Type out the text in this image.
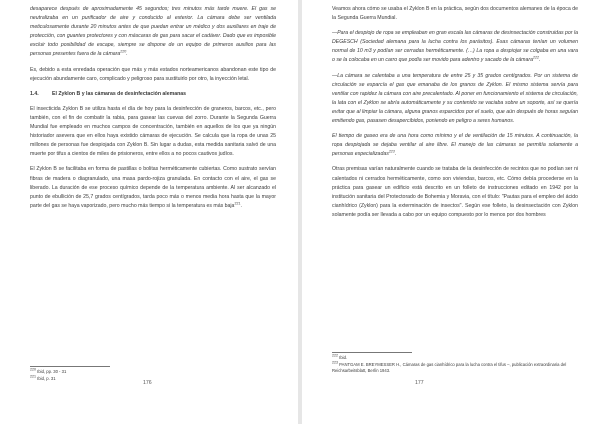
desaparece después de aproximadamente 45 segundos; tres minutos más tarde muere. El gas se neutralizaba en un purificador de aire y conducido al exterior. La cámara debe ser ventilada meticulosamente durante 20 minutos antes de que puedan entrar un médico y dos auxiliares en traje de protección, con guantes protectores y con máscaras de gas para sacar el cadáver. Dado que es imposible excluir todo posibilidad de escape, siempre se dispone de un equipo de primeros auxilios para las personas presentes fuera de la cámara$^{220}$.

Es, debido a esta enredada operación que más y más estados norteamericanos abandonan este tipo de ejecución abundamente caro, complicado y peligroso para sustituirlo por otro, la inyección letal.

1.4.	El Zyklon B y las cámaras de desinfectación alemanas

El insecticida Zyklon B se utiliza hasta el día de hoy para la desinfección de graneros, barcos, etc., pero también, con el fin de combatir la rabia, para gasear las cuevas del zorro. Durante la Segunda Guerra Mundial fue empleado en muchos campos de concentración, también en aquellos de los que ya ningún historiador asevera que en ellos haya existido cámaras de ejecución. Se calcula que la ropa de unas 25 millones de personas fue despiojada con Zyklon B. Sin lugar a dudas, esta medida sanitaria salvó de una muerte por tifus a cientos de miles de prisioneros, entre ellos a no pocos cautivos judíos.

El Zyklon B se facilitaba en forma de pastillas o bolitas herméticamente cubiertas. Como sustrato servían fibras de madera o diagranulado, una masa pardo-rojiza granulada. En contacto con el aire, el gas se liberado. La duración de ese proceso químico depende de la temperatura ambiente. Al ser alcanzado el punto de ebullición de 25,7 grados centígrados, tarda poco más o menos media hora hasta que la mayor parte del gas se haya vaporizado, pero mucho más tiempo si la temperatura es más baja$^{221}$.

$^{220}$ Ibid, pp. 30 - 31
$^{221}$ Ibid, p. 31
176

Veamos ahora cómo se usaba el Zyklon B en la práctica, según dos documentos alemanes de la época de la Segunda Guerra Mundial.

—Para el despiojo de ropa se empleaban en gran escala las cámaras de desinsectación construidas por la DEGESCH (Sociedad alemana para la lucha contra los parásitos). Esas cámaras tenían un volumen normal de 10 m3 y podían ser cerradas herméticamente. (…) La ropa a despiojar se colgaba en una vara o se la colocaba en un carro que podía ser movido para adentro y sacado de la cámara$^{222}$.

—La cámara se calentaba a una temperatura de entre 25 y 35 grados centígrados. Por un sistema de circulación se esparcía el gas que emanaba de los granos de Zyklon. El mismo sistema servía para ventilar con rapidez la cámara con aire precalentado. Al poner en funcionamiento el sistema de circulación, la lata con el Zyklon se abría automáticamente y su contenido se vaciaba sobre un soporte, así se quería evitar que al limpiar la cámara, alguna granos esparcidos por el suelo, que aún después de horas seguían emitiendo gas, pasasen desapercibidos, poniendo en peligro a seres humanos.

El tiempo de gaseo era de una hora como mínimo y el de ventilación de 15 minutos. A continuación, la ropa despiojada se dejaba ventilar al aire libre. El manejo de las cámaras se permitía solamente a personas especializadas$^{223}$.

Otras premisas varían naturalmente cuando se trataba de la desinfección de recintos que no podían ser ni calentados ni cerrados herméticamente, como son viviendas, barcos, etc. Cómo debía procederse en la práctica para gasear un edificio está descrito en un folleto de instrucciones editado en 1942 por la institución sanitaria del Protectorado de Bohemia y Moravia, con el título: "Pautas para el empleo del ácido cianhídrico (Zyklon) para la exterminación de insectos". Según ese folleto, la desinsectación con Zyklon solamente podía ser llevada a cabo por un equipo compuesto por lo menos por dos hombres

$^{222}$ Ibid.
$^{223}$ PANTGAM E. BREYMESSER H., Cámaras de gas cianhídrico para la lucha contra el tifus –, publicación extraordinaria del Reichsarbeitsblatt, Berlín 1943.
177
